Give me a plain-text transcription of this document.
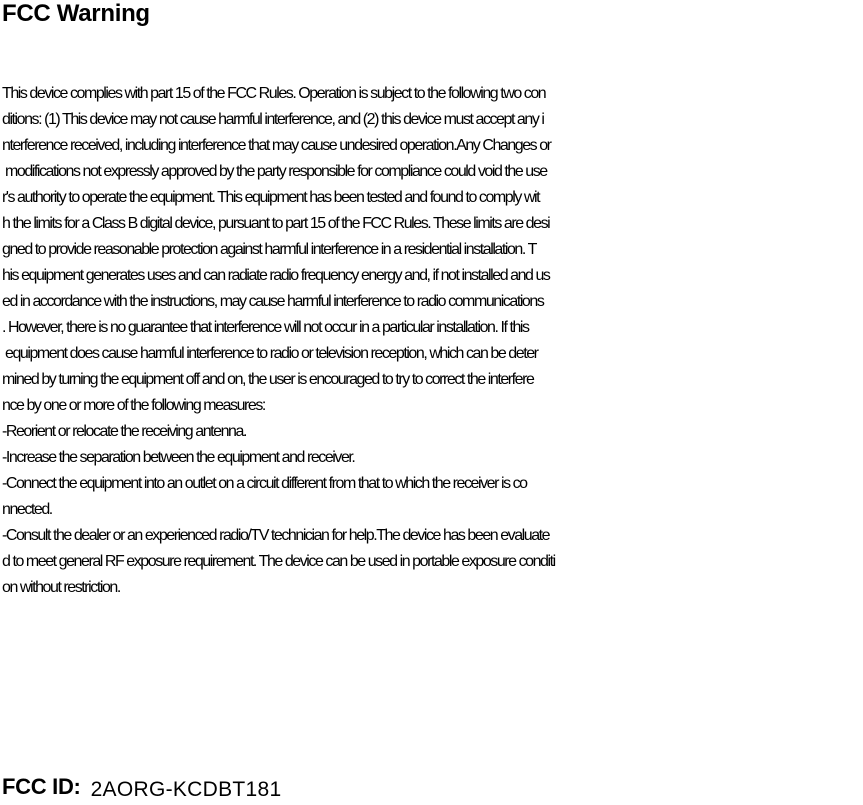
FCC Warning
This device complies with part 15 of the FCC Rules. Operation is subject to the following two con
ditions: (1) This device may not cause harmful interference, and (2) this device must accept any i
nterference received, including interference that may cause undesired operation.Any Changes or
modifications not expressly approved by the party responsible for compliance could void the use
r's authority to operate the equipment. This equipment has been tested and found to comply wit
h the limits for a Class B digital device, pursuant to part 15 of the FCC Rules. These limits are desi
gned to provide reasonable protection against harmful interference in a residential installation. T
his equipment generates uses and can radiate radio frequency energy and, if not installed and us
ed in accordance with the instructions, may cause harmful interference to radio communications
. However, there is no guarantee that interference will not occur in a particular installation. If this
equipment does cause harmful interference to radio or television reception, which can be deter
mined by turning the equipment off and on, the user is encouraged to try to correct the interfere
nce by one or more of the following measures:
-Reorient or relocate the receiving antenna.
-Increase the separation between the equipment and receiver.
-Connect the equipment into an outlet on a circuit different from that to which the receiver is co
nnected.
-Consult the dealer or an experienced radio/TV technician for help.The device has been evaluate
d to meet general RF exposure requirement. The device can be used in portable exposure conditi
on without restriction.
FCC ID: 2AORG-KCDBT181
